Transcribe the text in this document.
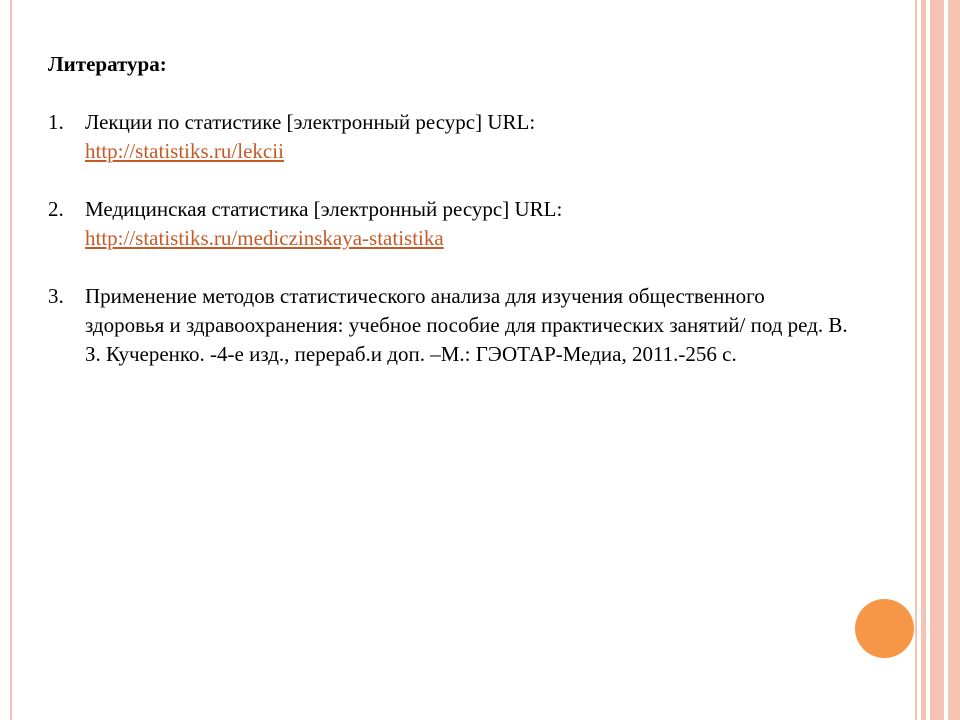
Литература:
1.	Лекции по статистике [электронный ресурс] URL:
http://statistiks.ru/lekcii
2.	Медицинская статистика [электронный ресурс] URL:
http://statistiks.ru/mediczinskaya-statistika
3.	Применение методов статистического анализа для изучения общественного здоровья и здравоохранения: учебное пособие для практических занятий/ под ред. В. З. Кучеренко. -4-е изд., перераб.и доп. –М.: ГЭОТАР-Медиа, 2011.-256 с.
